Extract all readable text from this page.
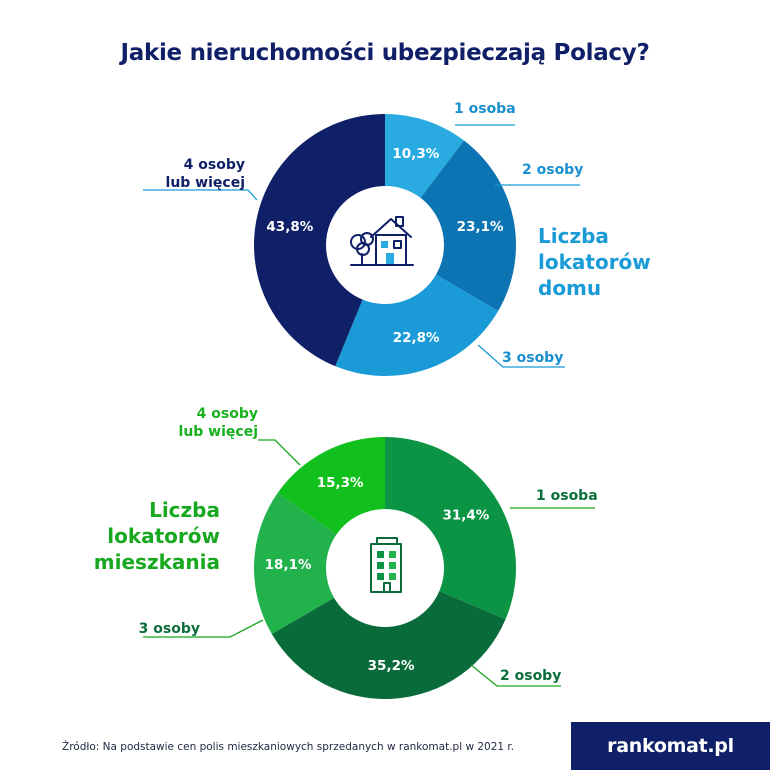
Jakie nieruchomości ubezpieczają Polacy?
10,3%
23,1%
22,8%
43,8%
1 osoba
2 osoby
3 osoby
4 osoby
lub więcej
Liczba
lokatorów
domu
31,4%
35,2%
18,1%
15,3%
1 osoba
2 osoby
3 osoby
4 osoby
lub więcej
Liczba
lokatorów
mieszkania
Źródło: Na podstawie cen polis mieszkaniowych sprzedanych w rankomat.pl w 2021 r.	rankomat.pl
